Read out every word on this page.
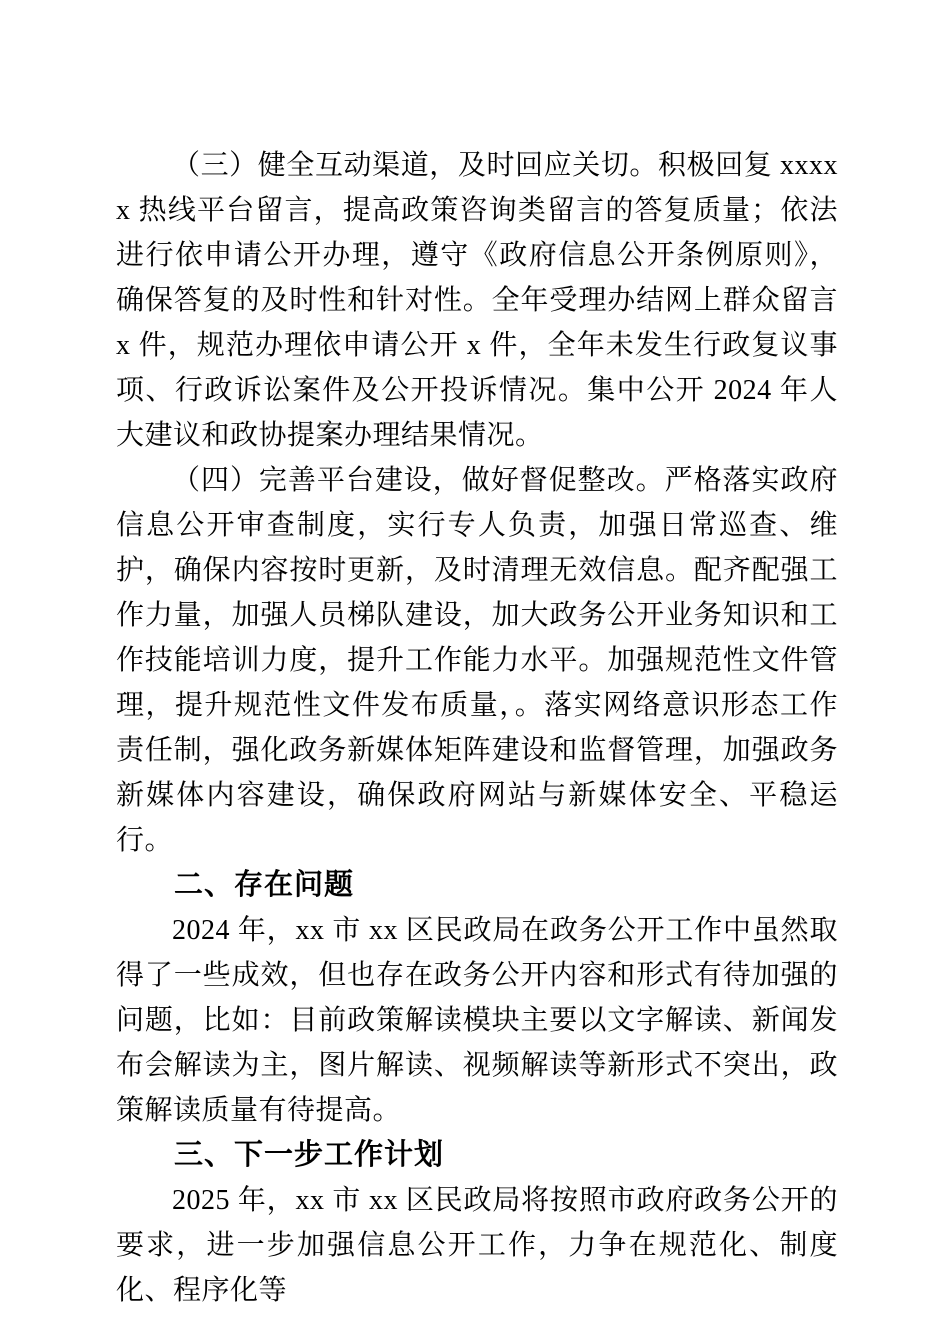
（三）健全互动渠道，及时回应关切。积极回复 xxxxx 热线平台留言，提高政策咨询类留言的答复质量；依法进行依申请公开办理，遵守《政府信息公开条例原则》，确保答复的及时性和针对性。全年受理办结网上群众留言 x 件，规范办理依申请公开 x 件，全年未发生行政复议事项、行政诉讼案件及公开投诉情况。集中公开 2024 年人大建议和政协提案办理结果情况。

（四）完善平台建设，做好督促整改。严格落实政府信息公开审查制度，实行专人负责，加强日常巡查、维护，确保内容按时更新，及时清理无效信息。配齐配强工作力量，加强人员梯队建设，加大政务公开业务知识和工作技能培训力度，提升工作能力水平。加强规范性文件管理，提升规范性文件发布质量，。落实网络意识形态工作责任制，强化政务新媒体矩阵建设和监督管理，加强政务新媒体内容建设，确保政府网站与新媒体安全、平稳运行。

二、存在问题

2024 年，xx 市 xx 区民政局在政务公开工作中虽然取得了一些成效，但也存在政务公开内容和形式有待加强的问题，比如：目前政策解读模块主要以文字解读、新闻发布会解读为主，图片解读、视频解读等新形式不突出，政策解读质量有待提高。

三、下一步工作计划

2025 年，xx 市 xx 区民政局将按照市政府政务公开的要求，进一步加强信息公开工作，力争在规范化、制度化、程序化等
